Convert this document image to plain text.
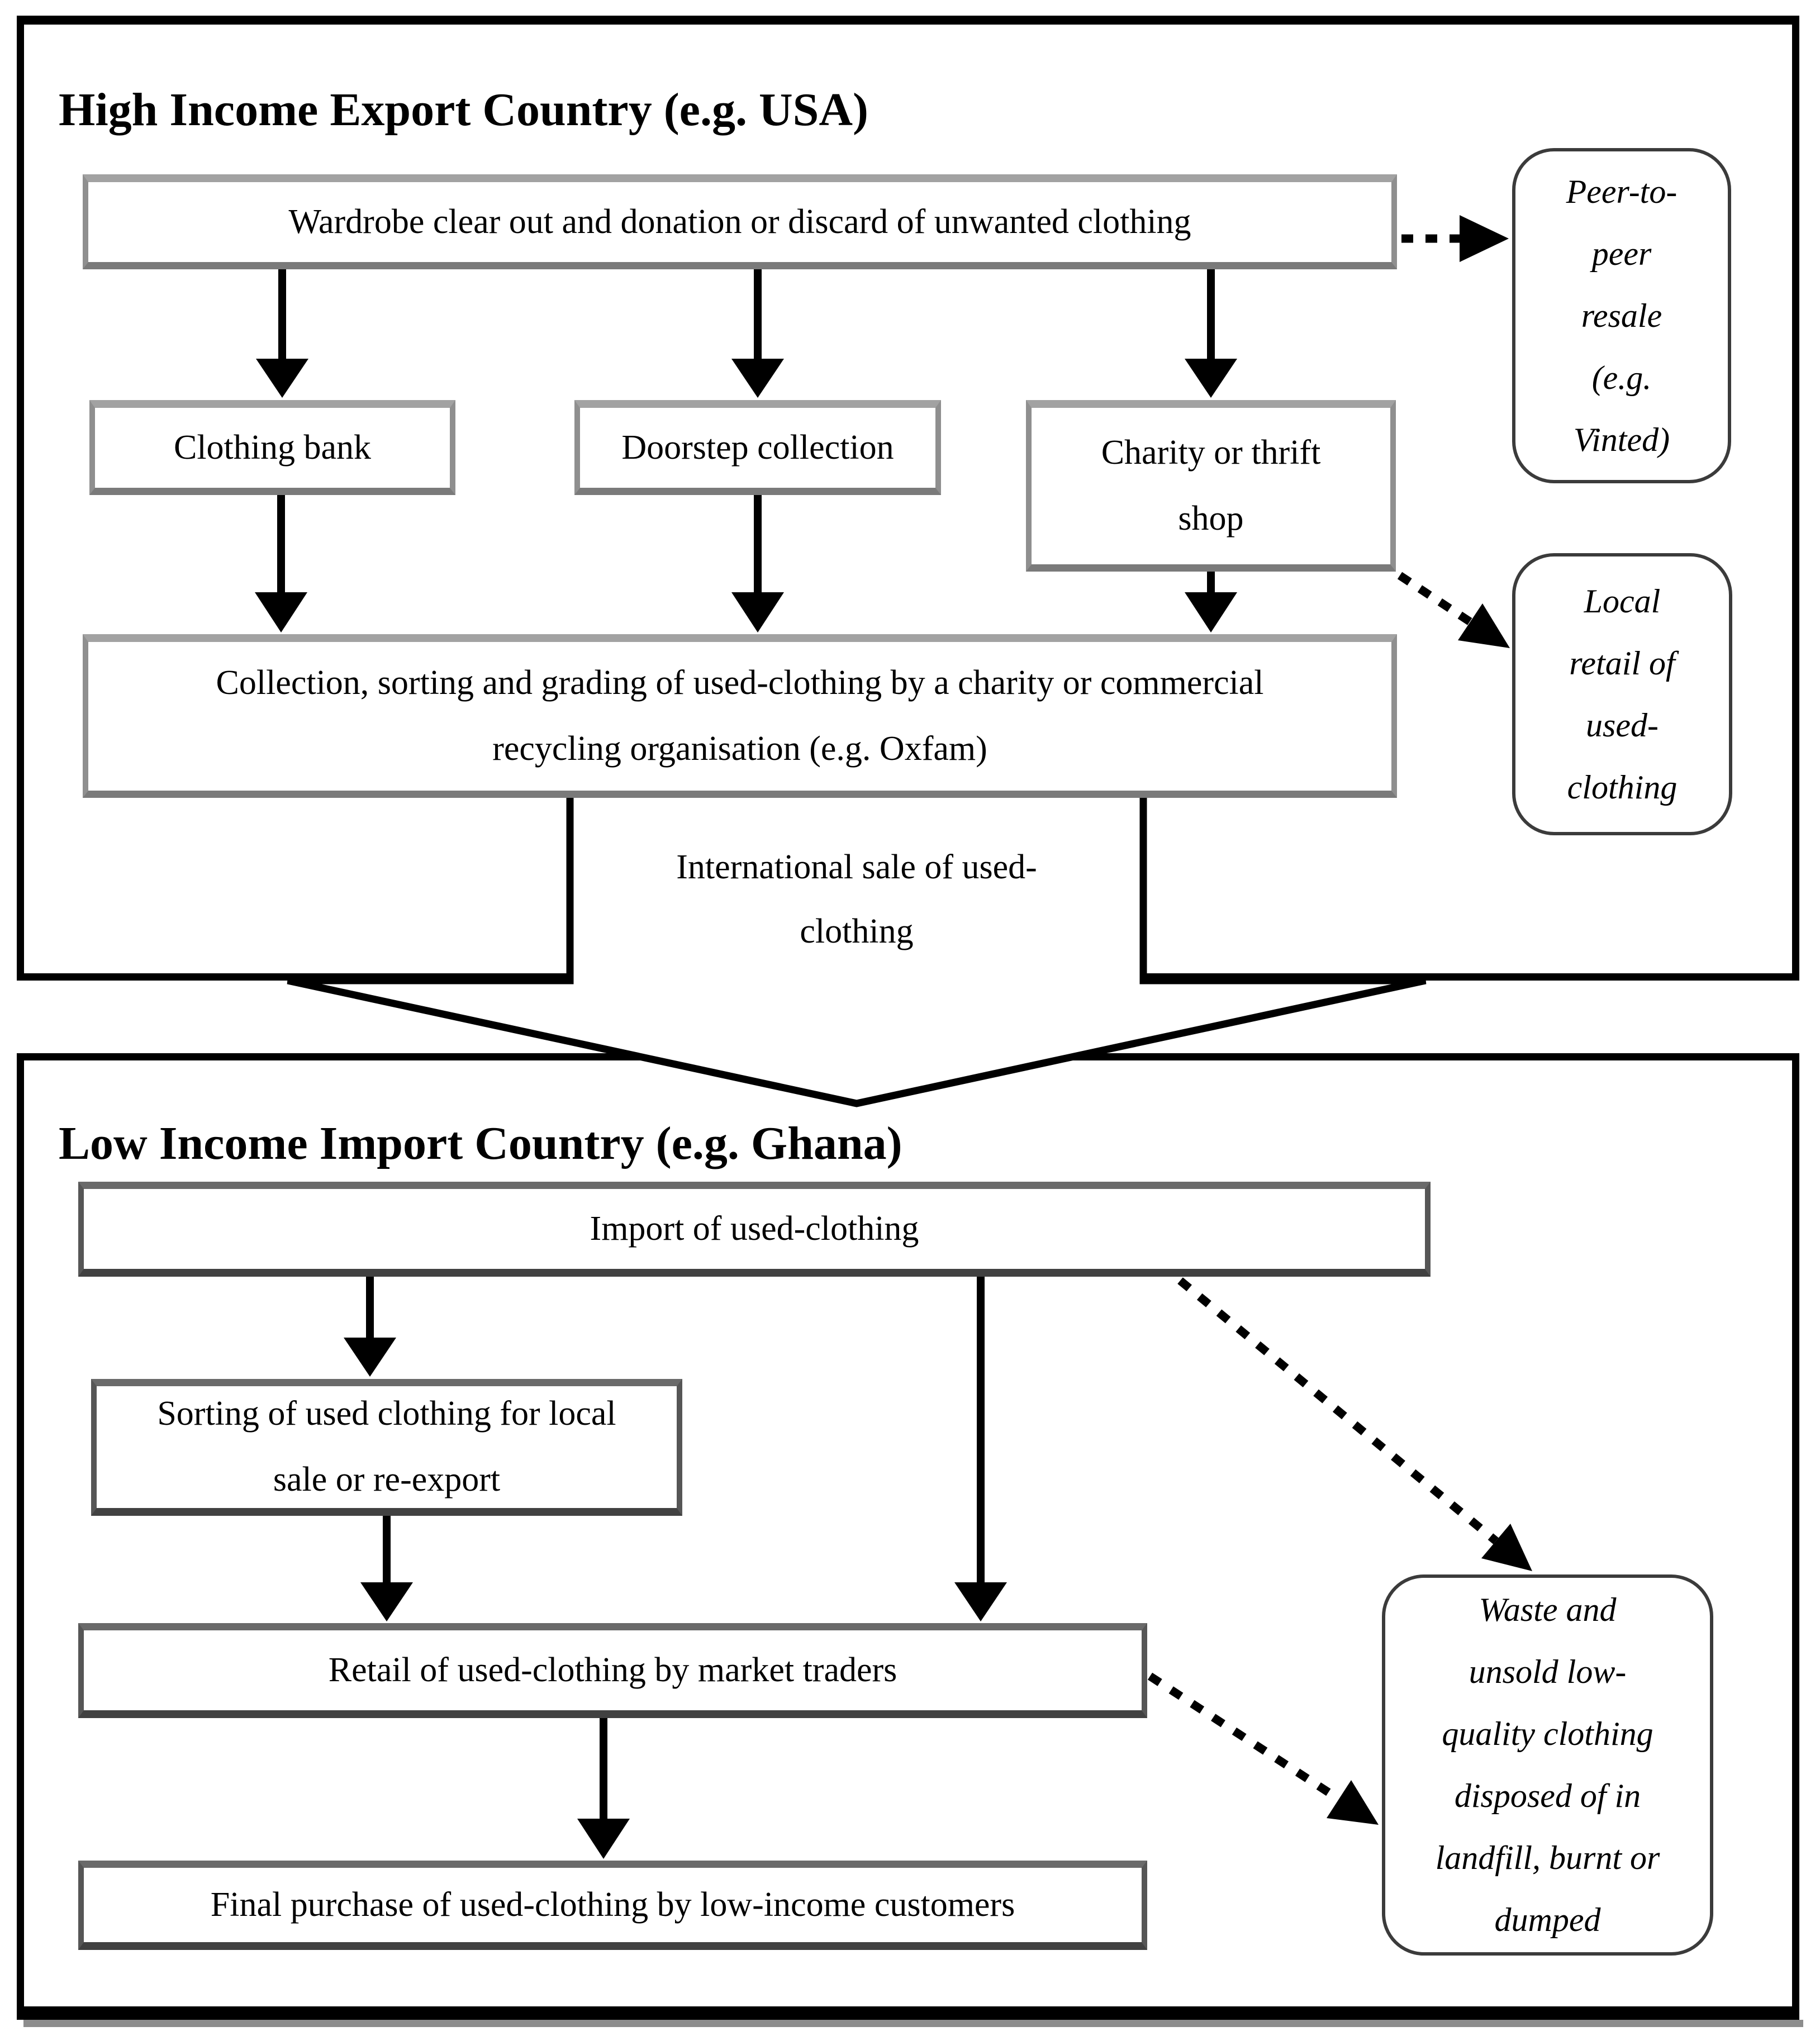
High Income Export Country (e.g. USA)
Low Income Import Country (e.g. Ghana)
Wardrobe clear out and donation or discard of unwanted clothing
Clothing bank	Doorstep collection	Charity or thrift
shop
Collection, sorting and grading of used-clothing by a charity or commercial
recycling organisation (e.g. Oxfam)
International sale of used-
clothing
Peer-to-
peer
resale
(e.g.
Vinted)
Local
retail of
used-
clothing
Import of used-clothing
Sorting of used clothing for local
sale or re-export
Retail of used-clothing by market traders
Final purchase of used-clothing by low-income customers
Waste and
unsold low-
quality clothing
disposed of in
landfill, burnt or
dumped
